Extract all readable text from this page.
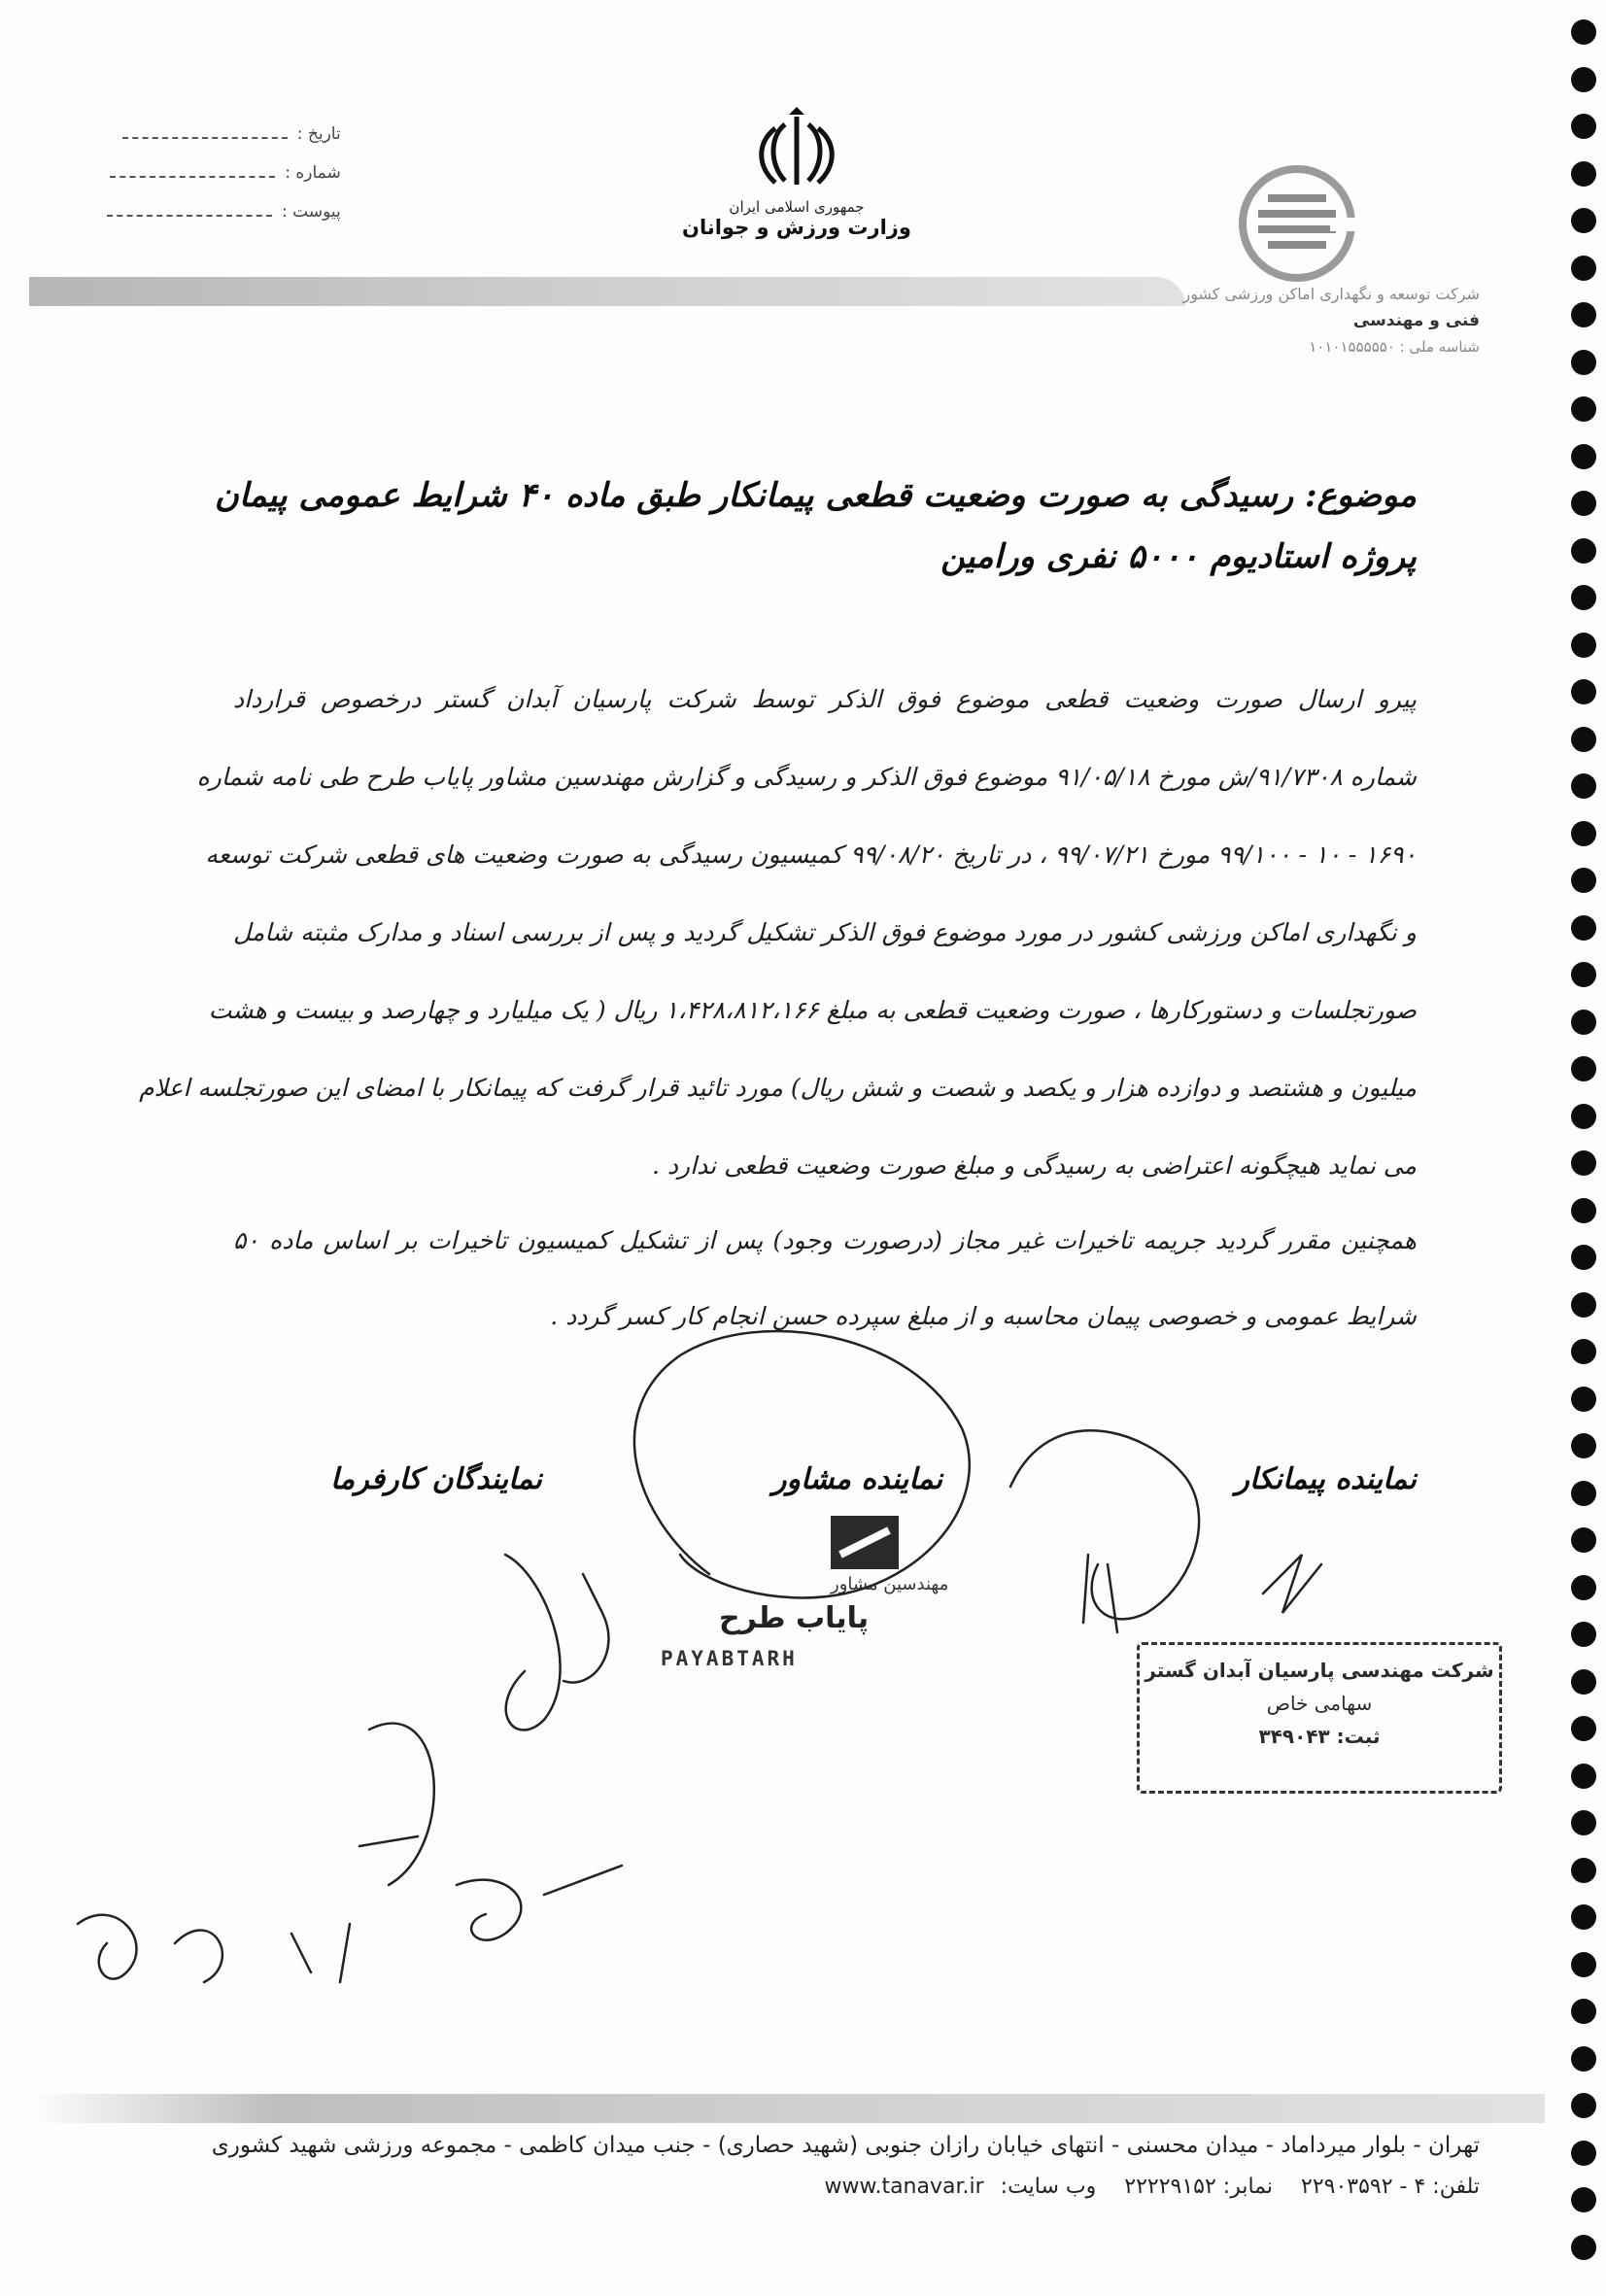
تاریخ :
شماره :
پیوست :	جمهوری اسلامی ایران
وزارت ورزش و جوانان
شرکت توسعه و نگهداری اماکن ورزشی کشور
فنی و مهندسی
شناسه ملی : ۱۰۱۰۱۵۵۵۵۵۰
موضوع: رسیدگی به صورت وضعیت قطعی پیمانکار طبق ماده ۴۰ شرایط عمومی پیمان
پروژه استادیوم ۵۰۰۰ نفری ورامین
پیرو ارسال صورت وضعیت قطعی موضوع فوق الذکر توسط شرکت پارسیان آبدان گستر درخصوص قرارداد
شماره ۹۱/۷۳۰۸/ش مورخ ۹۱/۰۵/۱۸ موضوع فوق الذکر و رسیدگی و گزارش مهندسین مشاور پایاب طرح طی نامه شماره
۱۶۹۰ - ۱۰ - ۹۹/۱۰۰ مورخ ۹۹/۰۷/۲۱ ، در تاریخ ۹۹/۰۸/۲۰ کمیسیون رسیدگی به صورت وضعیت های قطعی شرکت توسعه
و نگهداری اماکن ورزشی کشور در مورد موضوع فوق الذکر تشکیل گردید و پس از بررسی اسناد و مدارک مثبته شامل
صورتجلسات و دستورکارها ، صورت وضعیت قطعی به مبلغ ۱،۴۲۸،۸۱۲،۱۶۶ ریال ( یک میلیارد و چهارصد و بیست و هشت
میلیون و هشتصد و دوازده هزار و یکصد و شصت و شش ریال) مورد تائید قرار گرفت که پیمانکار با امضای این صورتجلسه اعلام
می نماید هیچگونه اعتراضی به رسیدگی و مبلغ صورت وضعیت قطعی ندارد .
همچنین مقرر گردید جریمه تاخیرات غیر مجاز (درصورت وجود) پس از تشکیل کمیسیون تاخیرات بر اساس ماده ۵۰
شرایط عمومی و خصوصی پیمان محاسبه و از مبلغ سپرده حسن انجام کار کسر گردد .
نماینده پیمانکار
نماینده مشاور
نمایندگان کارفرما
مهندسین مشاور
پایاب طرح
PAYABTARH	شرکت مهندسی پارسیان آبدان گستر
سهامی خاص
ثبت: ۳۴۹۰۴۳
تهران - بلوار میرداماد - میدان محسنی - انتهای خیابان رازان جنوبی (شهید حصاری) - جنب میدان کاظمی - مجموعه ورزشی شهید کشوری
تلفن: ۴ - ۲۲۹۰۳۵۹۲ نمابر: ۲۲۲۲۹۱۵۲ وب سایت: www.tanavar.ir
